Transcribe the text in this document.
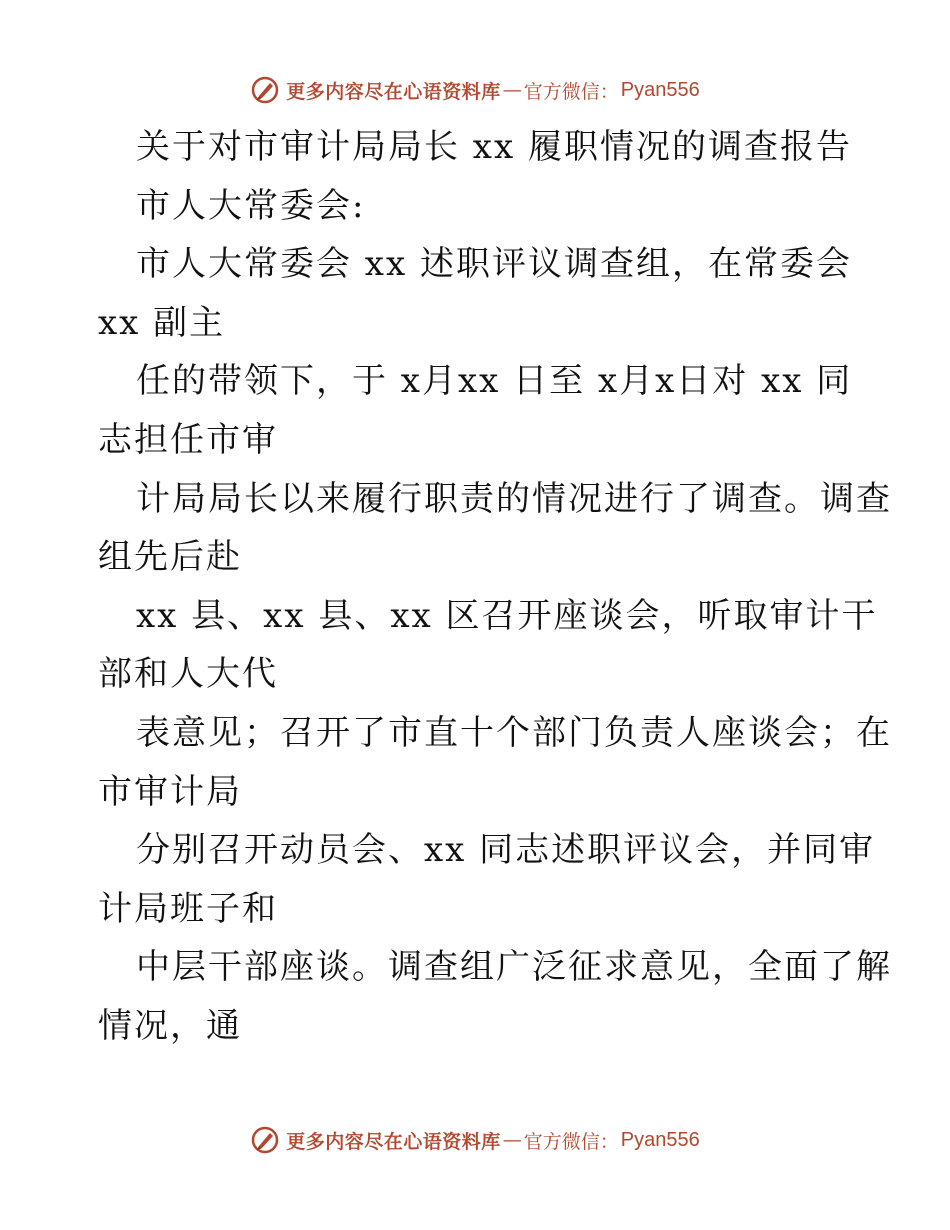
更多内容尽在心语资料库 — 官方微信： Pyan556
关于对市审计局局长 xx 履职情况的调查报告
市人大常委会:
市人大常委会 xx 述职评议调查组，在常委会
xx 副主
任的带领下，于 x月xx 日至 x月x日对 xx 同
志担任市审
计局局长以来履行职责的情况进行了调查。调查
组先后赴
xx 县、xx 县、xx 区召开座谈会，听取审计干
部和人大代
表意见；召开了市直十个部门负责人座谈会；在
市审计局
分别召开动员会、xx 同志述职评议会，并同审
计局班子和
中层干部座谈。调查组广泛征求意见，全面了解
情况，通
更多内容尽在心语资料库 — 官方微信： Pyan556
